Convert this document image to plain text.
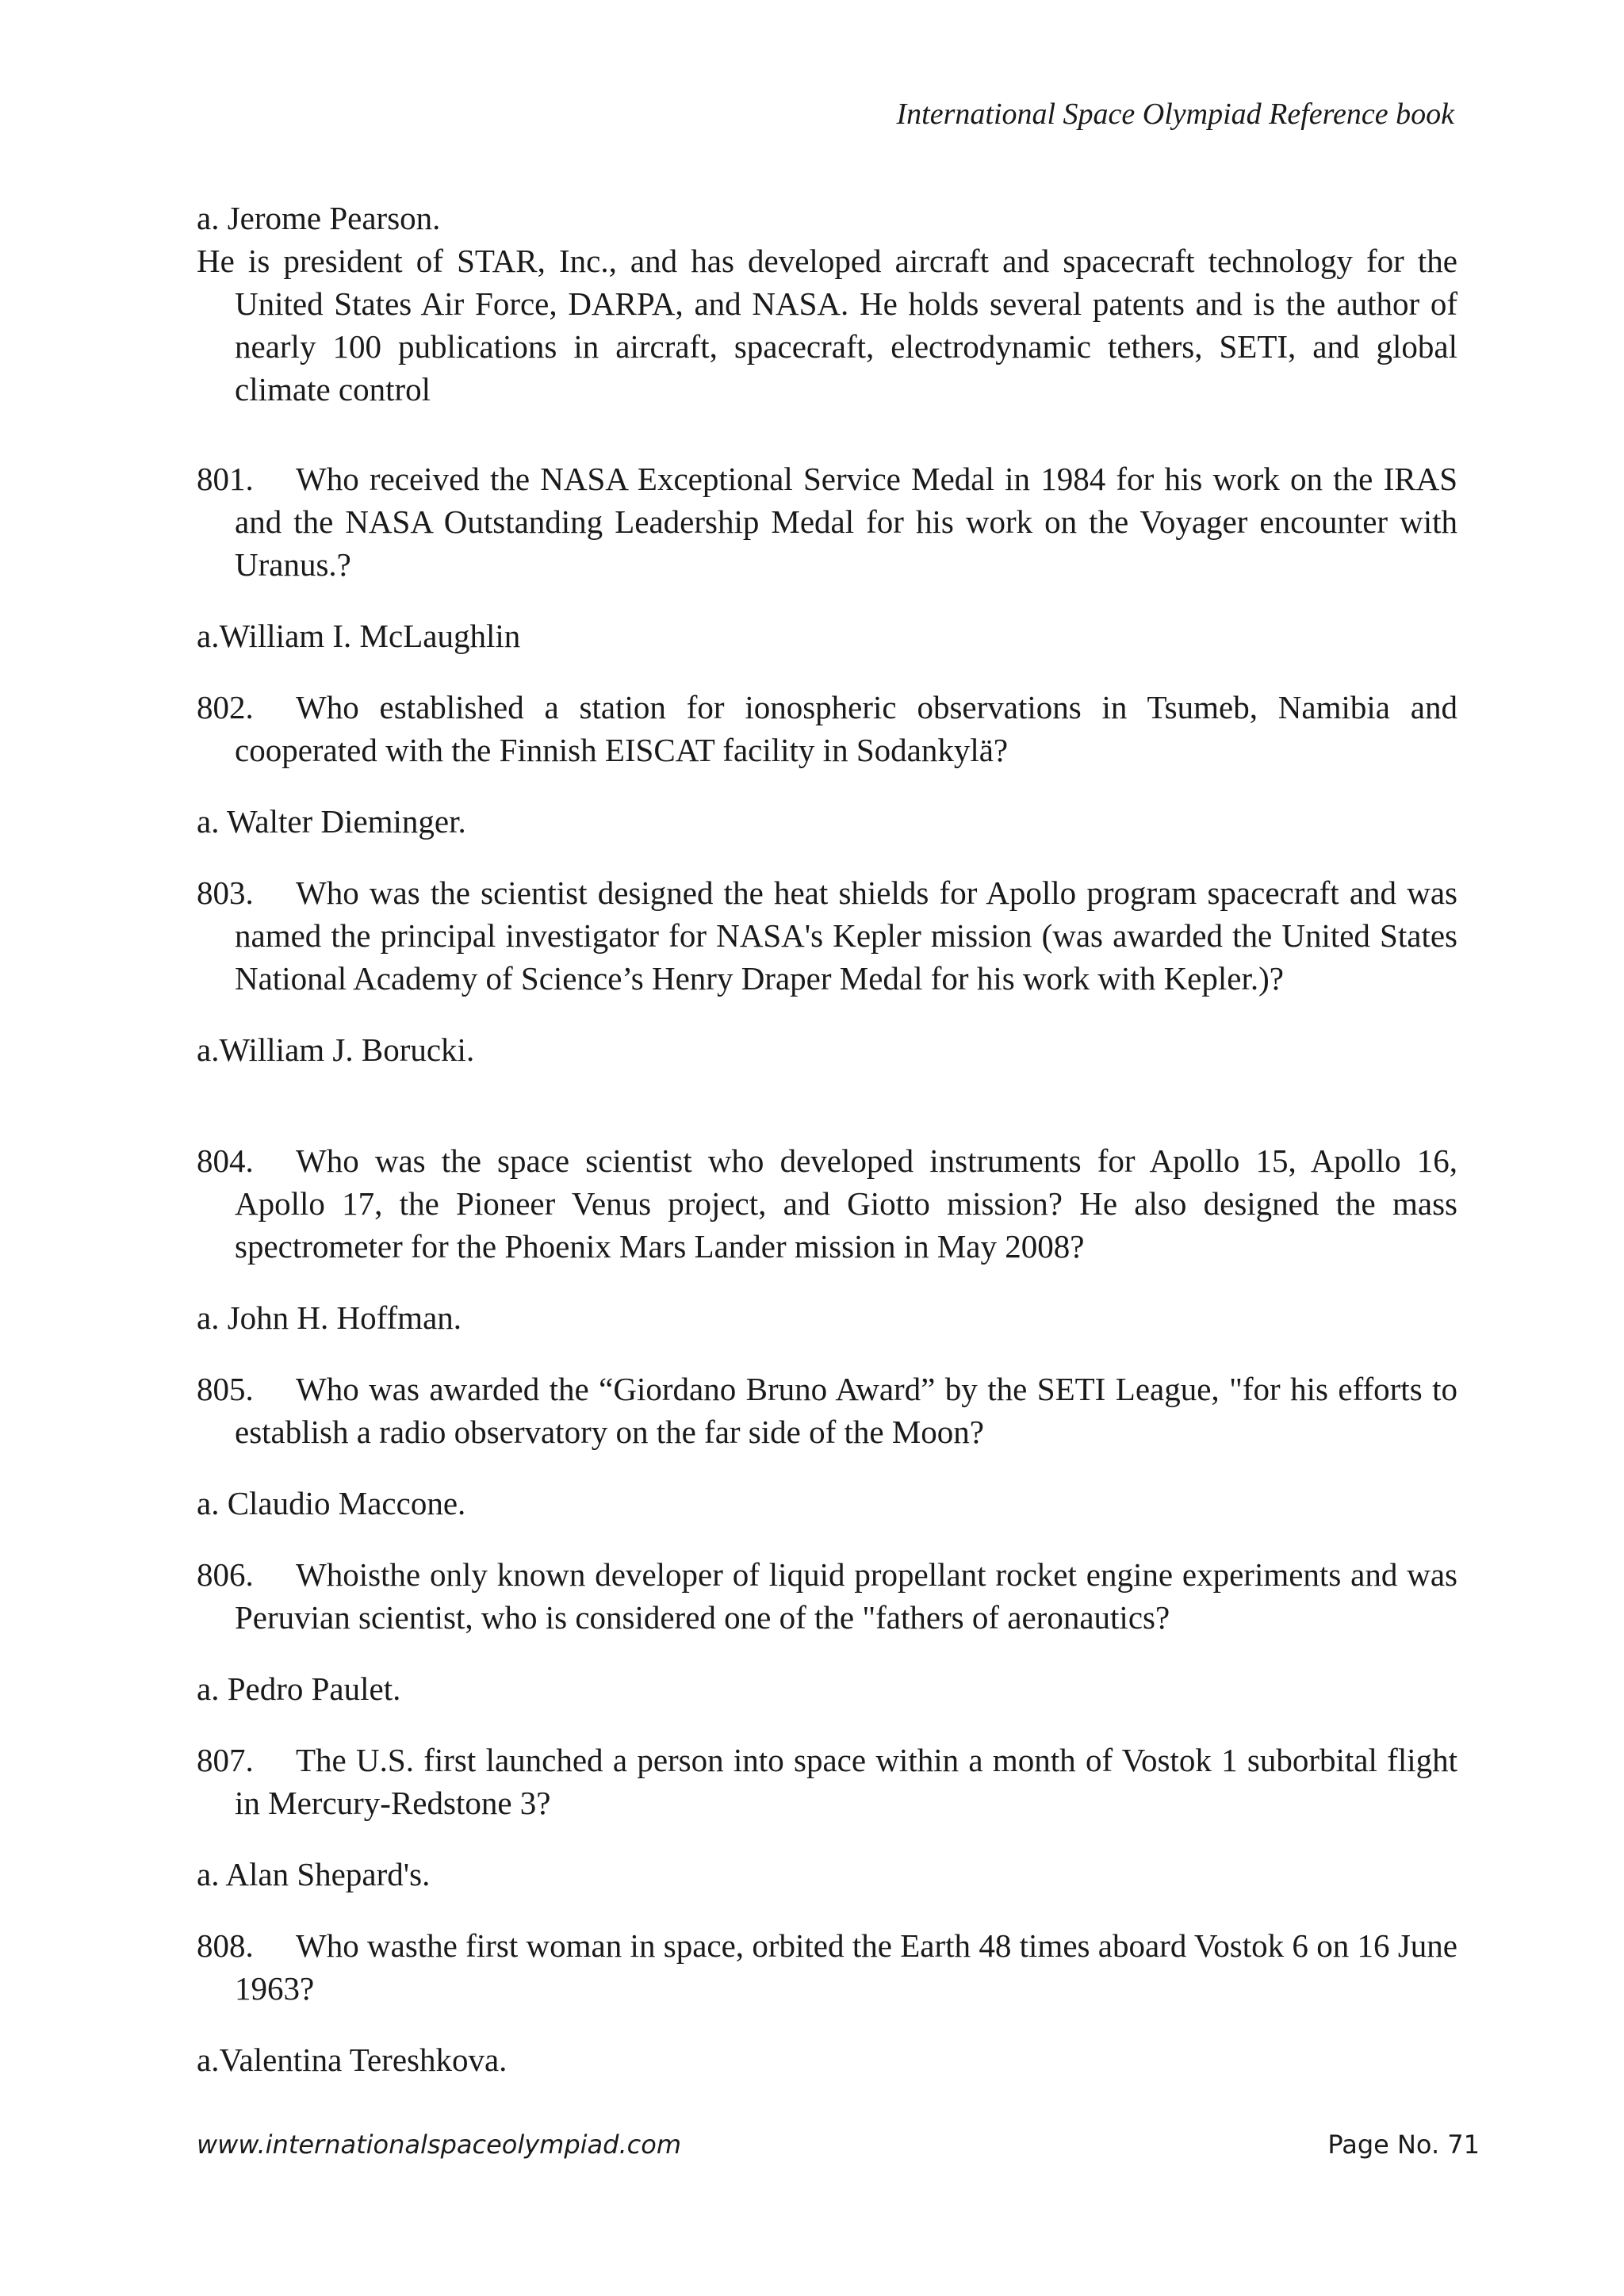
International Space Olympiad Reference book

a. Jerome Pearson.

He is president of STAR, Inc., and has developed aircraft and spacecraft technology for the United States Air Force, DARPA, and NASA. He holds several patents and is the author of nearly 100 publications in aircraft, spacecraft, electrodynamic tethers, SETI, and global climate control

801. Who received the NASA Exceptional Service Medal in 1984 for his work on the IRAS and the NASA Outstanding Leadership Medal for his work on the Voyager encounter with Uranus.?

a.William I. McLaughlin

802. Who established a station for ionospheric observations in Tsumeb, Namibia and cooperated with the Finnish EISCAT facility in Sodankylä?

a. Walter Dieminger.

803. Who was the scientist designed the heat shields for Apollo program spacecraft and was named the principal investigator for NASA's Kepler mission (was awarded the United States National Academy of Science’s Henry Draper Medal for his work with Kepler.)?

a.William J. Borucki.

804. Who was the space scientist who developed instruments for Apollo 15, Apollo 16, Apollo 17, the Pioneer Venus project, and Giotto mission? He also designed the mass spectrometer for the Phoenix Mars Lander mission in May 2008?

a. John H. Hoffman.

805. Who was awarded the “Giordano Bruno Award” by the SETI League, "for his efforts to establish a radio observatory on the far side of the Moon?

a. Claudio Maccone.

806. Whoisthe only known developer of liquid propellant rocket engine experiments and was Peruvian scientist, who is considered one of the "fathers of aeronautics?

a. Pedro Paulet.

807. The U.S. first launched a person into space within a month of Vostok 1 suborbital flight in Mercury-Redstone 3?

a. Alan Shepard's.

808. Who wasthe first woman in space, orbited the Earth 48 times aboard Vostok 6 on 16 June 1963?

a.Valentina Tereshkova.

www.internationalspaceolympiad.com	Page No. 71
